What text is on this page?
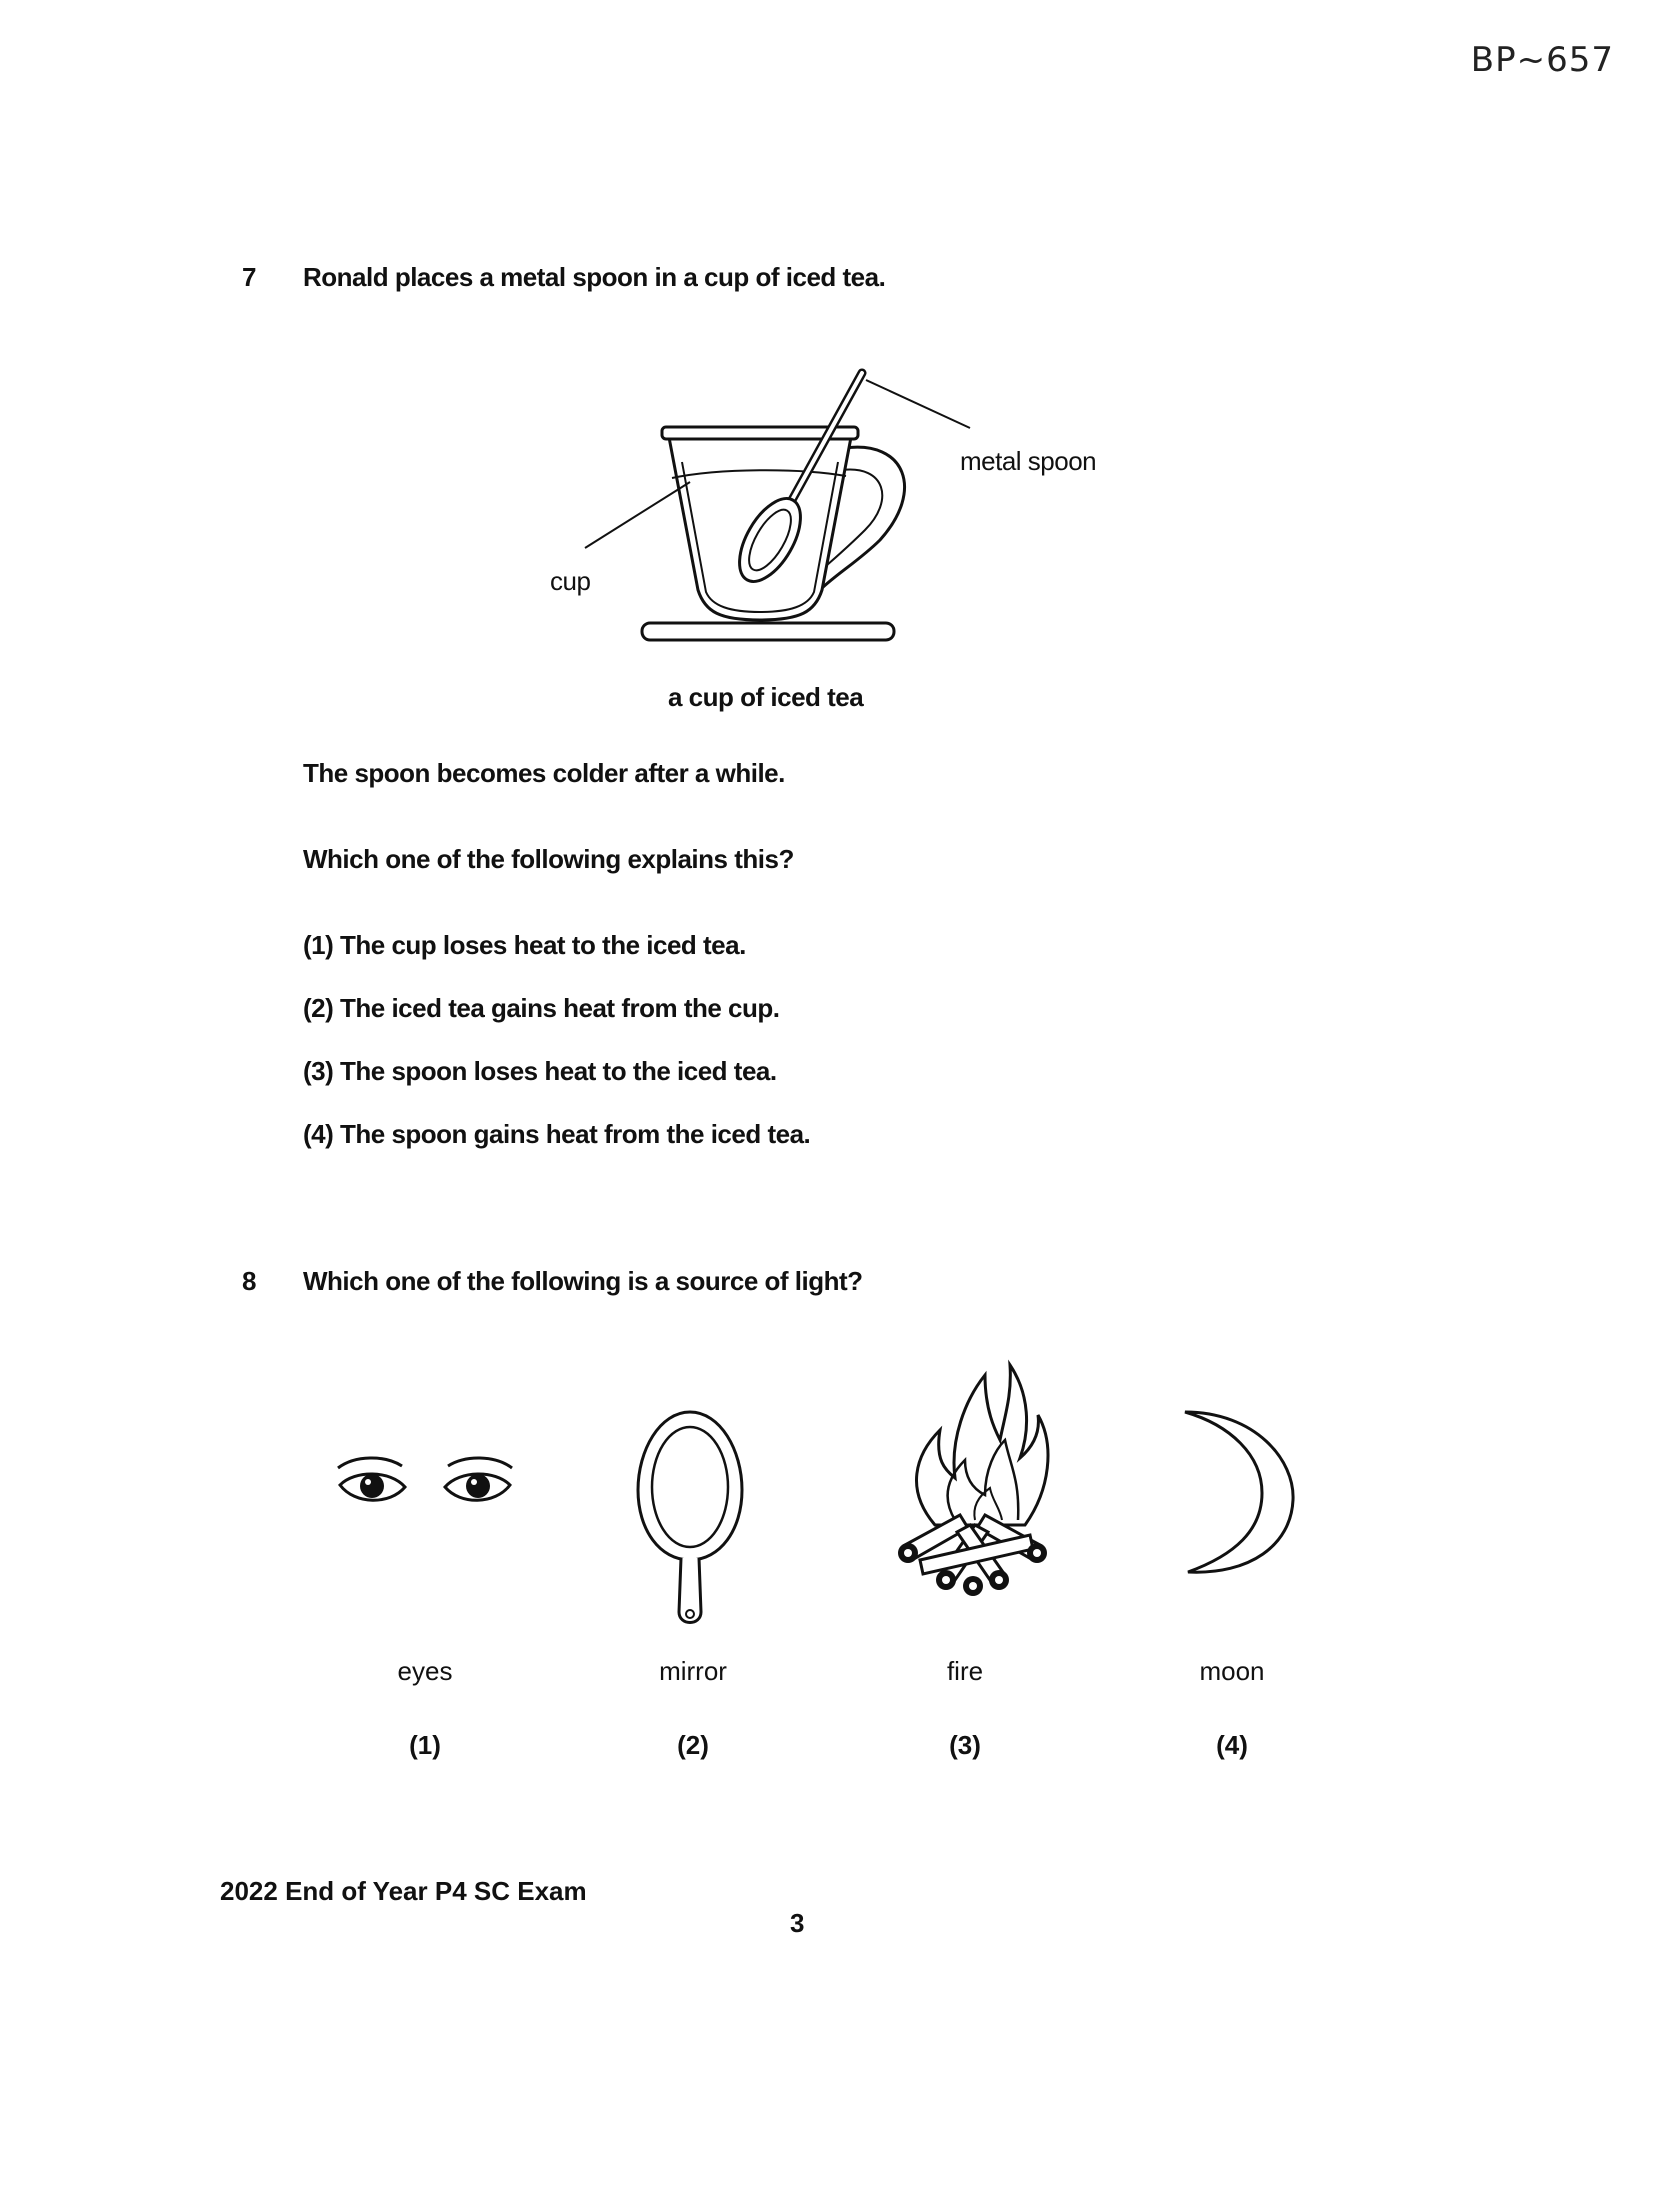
BP~657
7 Ronald places a metal spoon in a cup of iced tea.
metal spoon
cup
a cup of iced tea
The spoon becomes colder after a while.
Which one of the following explains this?
(1) The cup loses heat to the iced tea.
(2) The iced tea gains heat from the cup.
(3) The spoon loses heat to the iced tea.
(4) The spoon gains heat from the iced tea.
8 Which one of the following is a source of light?
eyes	mirror	fire	moon
(1)	(2)	(3)	(4)
2022 End of Year P4 SC Exam
3
